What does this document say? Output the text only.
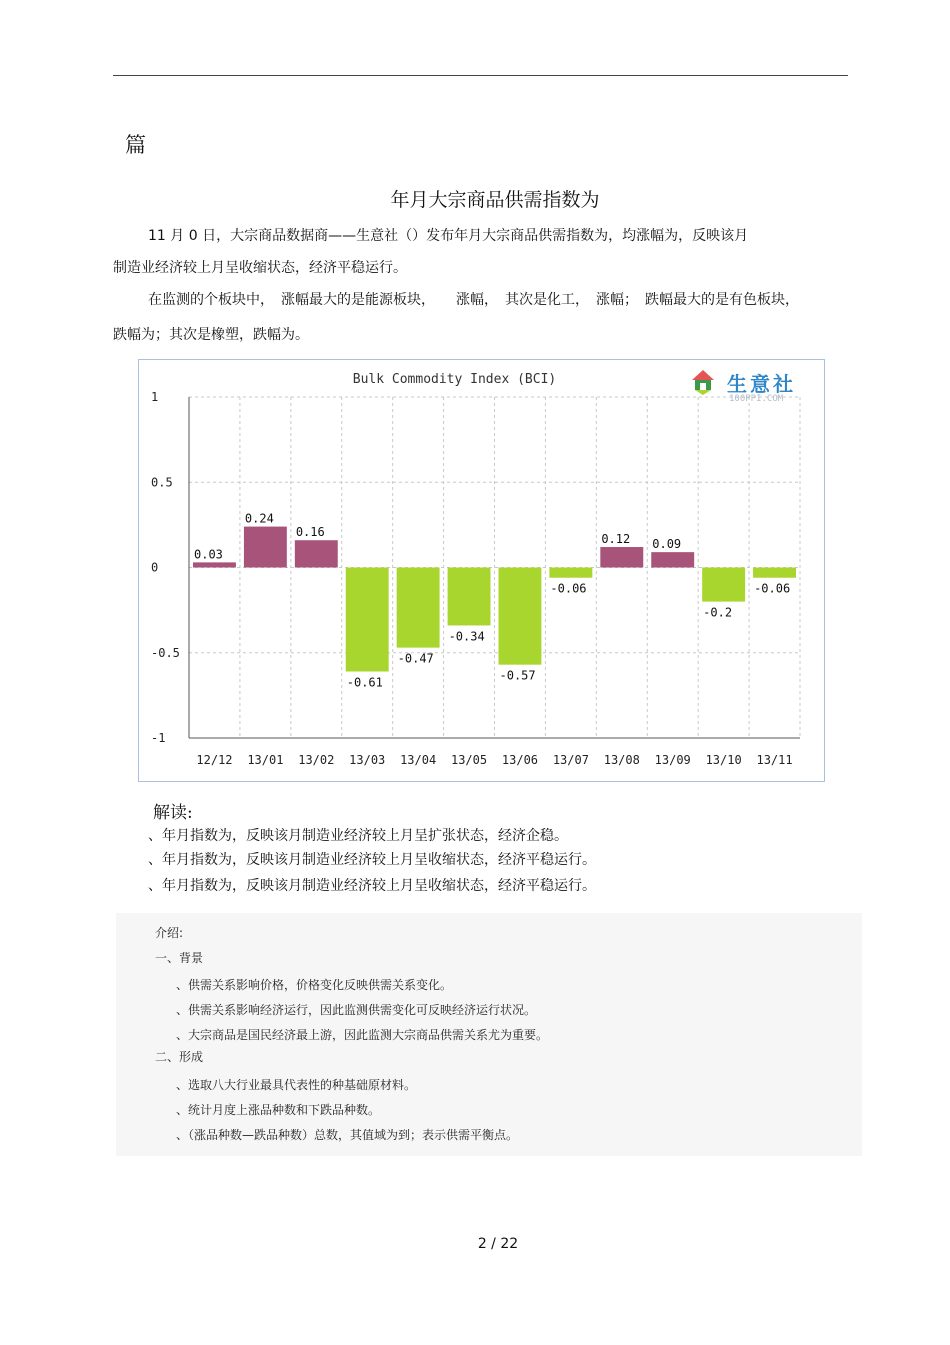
篇
年月大宗商品供需指数为
11 月 0 日，大宗商品数据商——生意社（）发布年月大宗商品供需指数为，均涨幅为，反映该月
制造业经济较上月呈收缩状态，经济平稳运行。
在监测的个板块中，　涨幅最大的是能源板块，　　涨幅，　其次是化工，　涨幅；　跌幅最大的是有色板块，
跌幅为；其次是橡塑，跌幅为。
Bulk Commodity Index (BCI)
1
0.5
0
-0.5
-1
0.03
12/12
0.24
13/01
0.16
13/02
-0.61
13/03
-0.47
13/04
-0.34
13/05
-0.57
13/06
-0.06
13/07
0.12
13/08
0.09
13/09
-0.2
13/10
-0.06
13/11
生意社
100PPI.COM
解读:
、年月指数为，反映该月制造业经济较上月呈扩张状态，经济企稳。
、年月指数为，反映该月制造业经济较上月呈收缩状态，经济平稳运行。
、年月指数为，反映该月制造业经济较上月呈收缩状态，经济平稳运行。
介绍:
一、背景
、供需关系影响价格，价格变化反映供需关系变化。
、供需关系影响经济运行，因此监测供需变化可反映经济运行状况。
、大宗商品是国民经济最上游，因此监测大宗商品供需关系尤为重要。
二、形成
、选取八大行业最具代表性的种基础原材料。
、统计月度上涨品种数和下跌品种数。
、（涨品种数—跌品种数）总数，其值域为到；表示供需平衡点。
2 / 22
